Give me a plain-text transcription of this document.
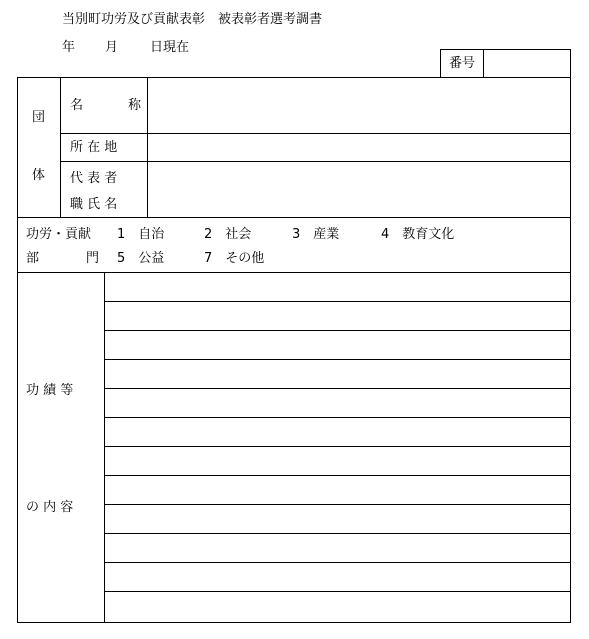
当別町功労及び貢献表彰　被表彰者選考調書
年 月 日現在
番号
団
体
名	称
所 在 地
代 表 者
職 氏 名
功労・貢献
部	門
1　自治	2　社会	3　産業	4　教育文化
5　公益	7　その他
功 績 等
の 内 容
